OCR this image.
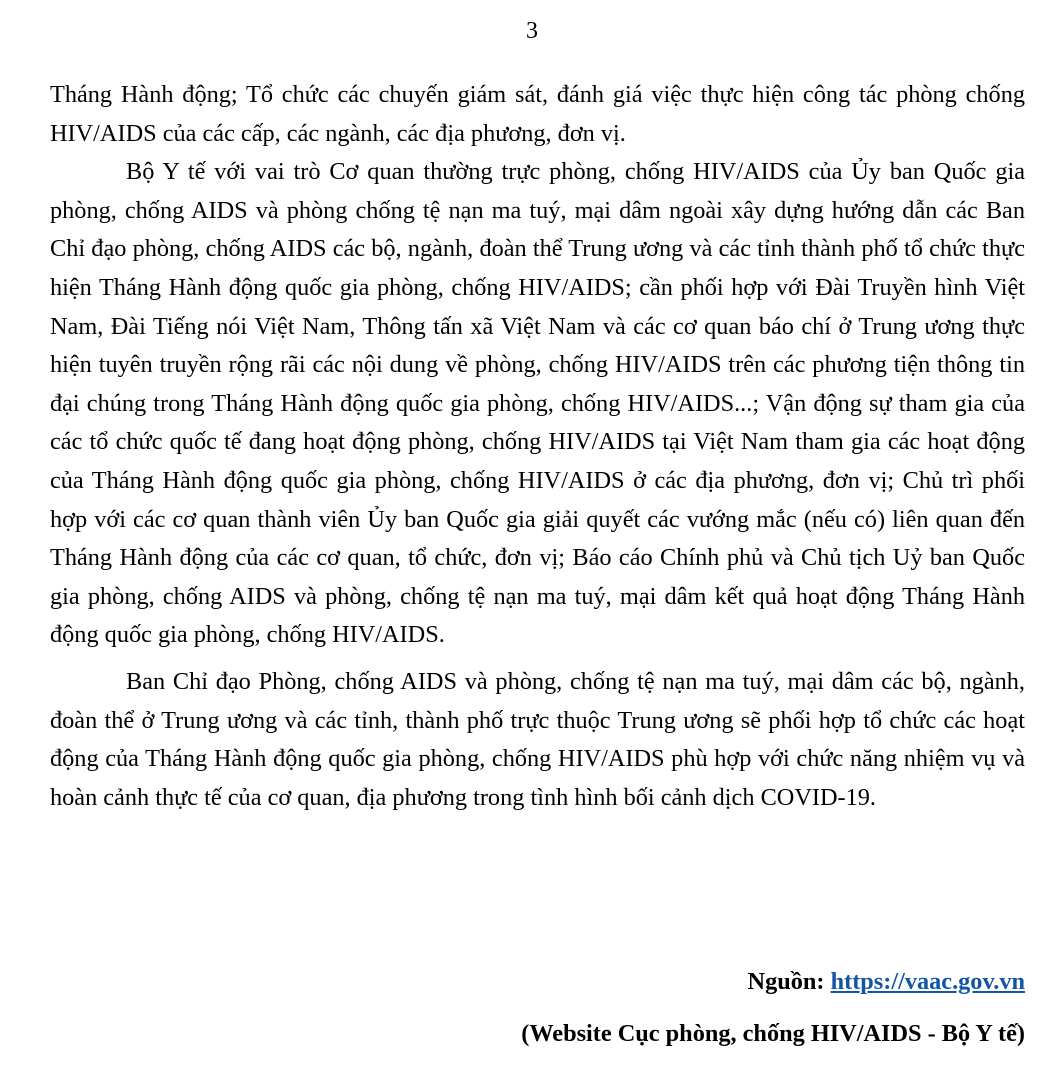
3

Tháng Hành động; Tổ chức các chuyến giám sát, đánh giá việc thực hiện công tác phòng chống HIV/AIDS của các cấp, các ngành, các địa phương, đơn vị.

Bộ Y tế với vai trò Cơ quan thường trực phòng, chống HIV/AIDS của Ủy ban Quốc gia phòng, chống AIDS và phòng chống tệ nạn ma tuý, mại dâm ngoài xây dựng hướng dẫn các Ban Chỉ đạo phòng, chống AIDS các bộ, ngành, đoàn thể Trung ương và các tỉnh thành phố tổ chức thực hiện Tháng Hành động quốc gia phòng, chống HIV/AIDS; cần phối hợp với Đài Truyền hình Việt Nam, Đài Tiếng nói Việt Nam, Thông tấn xã Việt Nam và các cơ quan báo chí ở Trung ương thực hiện tuyên truyền rộng rãi các nội dung về phòng, chống HIV/AIDS trên các phương tiện thông tin đại chúng trong Tháng Hành động quốc gia phòng, chống HIV/AIDS...; Vận động sự tham gia của các tổ chức quốc tế đang hoạt động phòng, chống HIV/AIDS tại Việt Nam tham gia các hoạt động của Tháng Hành động quốc gia phòng, chống HIV/AIDS ở các địa phương, đơn vị; Chủ trì phối hợp với các cơ quan thành viên Ủy ban Quốc gia giải quyết các vướng mắc (nếu có) liên quan đến Tháng Hành động của các cơ quan, tổ chức, đơn vị; Báo cáo Chính phủ và Chủ tịch Uỷ ban Quốc gia phòng, chống AIDS và phòng, chống tệ nạn ma tuý, mại dâm kết quả hoạt động Tháng Hành động quốc gia phòng, chống HIV/AIDS.

Ban Chỉ đạo Phòng, chống AIDS và phòng, chống tệ nạn ma tuý, mại dâm các bộ, ngành, đoàn thể ở Trung ương và các tỉnh, thành phố trực thuộc Trung ương sẽ phối hợp tổ chức các hoạt động của Tháng Hành động quốc gia phòng, chống HIV/AIDS phù hợp với chức năng nhiệm vụ và hoàn cảnh thực tế của cơ quan, địa phương trong tình hình bối cảnh dịch COVID-19.

Nguồn: https://vaac.gov.vn
(Website Cục phòng, chống HIV/AIDS - Bộ Y tế)
